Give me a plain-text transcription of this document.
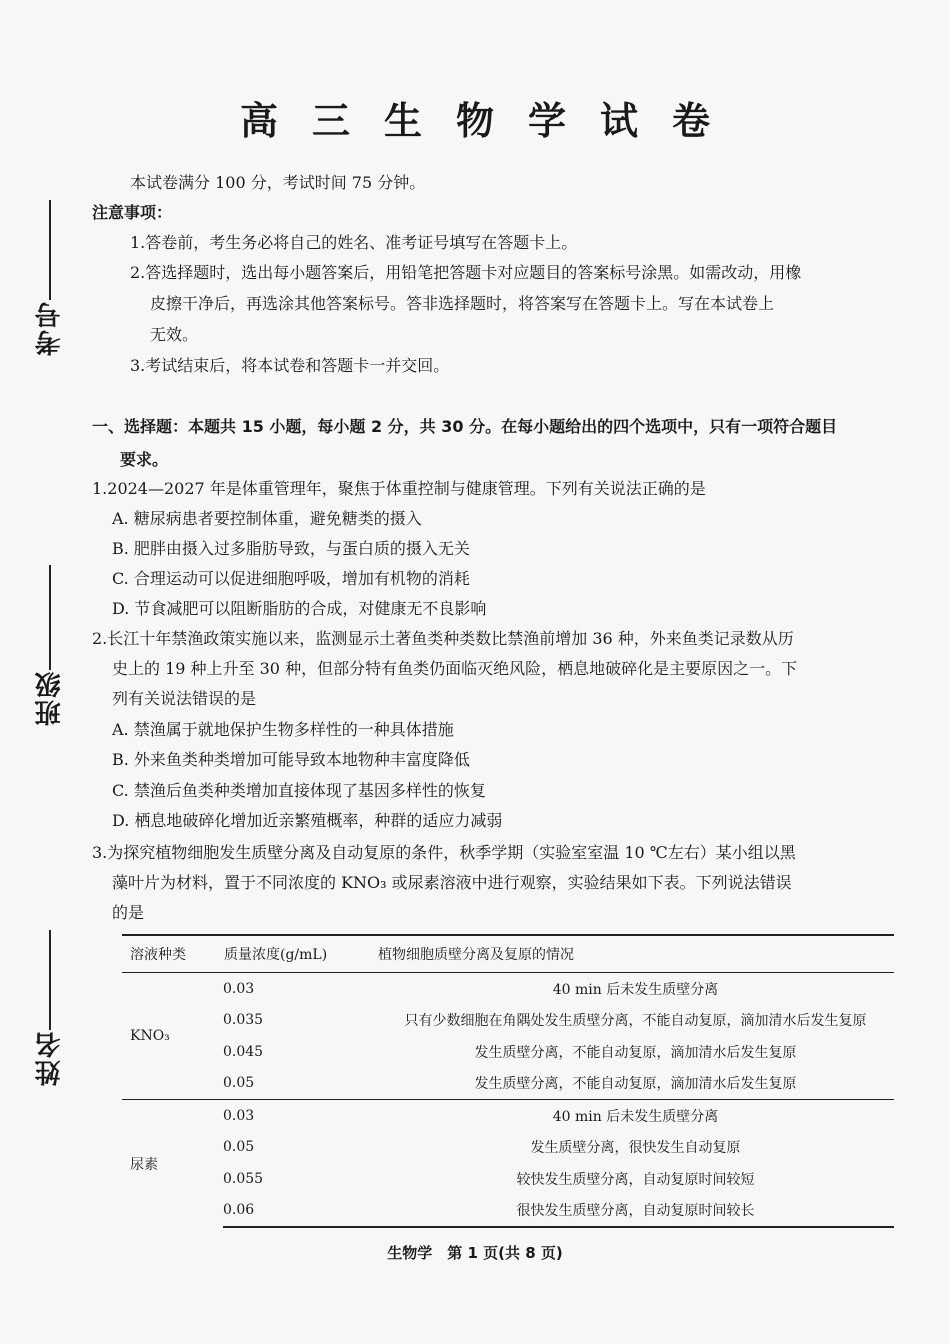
考号
班级
姓名
高三生物学试卷
本试卷满分 100 分，考试时间 75 分钟。
注意事项：
1.答卷前，考生务必将自己的姓名、准考证号填写在答题卡上。
2.答选择题时，选出每小题答案后，用铅笔把答题卡对应题目的答案标号涂黑。如需改动，用橡
皮擦干净后，再选涂其他答案标号。答非选择题时，将答案写在答题卡上。写在本试卷上
无效。
3.考试结束后，将本试卷和答题卡一并交回。
一、选择题：本题共 15 小题，每小题 2 分，共 30 分。在每小题给出的四个选项中，只有一项符合题目
要求。
1.2024—2027 年是体重管理年，聚焦于体重控制与健康管理。下列有关说法正确的是
A. 糖尿病患者要控制体重，避免糖类的摄入
B. 肥胖由摄入过多脂肪导致，与蛋白质的摄入无关
C. 合理运动可以促进细胞呼吸，增加有机物的消耗
D. 节食减肥可以阻断脂肪的合成，对健康无不良影响
2.长江十年禁渔政策实施以来，监测显示土著鱼类种类数比禁渔前增加 36 种，外来鱼类记录数从历
史上的 19 种上升至 30 种，但部分特有鱼类仍面临灭绝风险，栖息地破碎化是主要原因之一。下
列有关说法错误的是
A. 禁渔属于就地保护生物多样性的一种具体措施
B. 外来鱼类种类增加可能导致本地物种丰富度降低
C. 禁渔后鱼类种类增加直接体现了基因多样性的恢复
D. 栖息地破碎化增加近亲繁殖概率，种群的适应力减弱
3.为探究植物细胞发生质壁分离及自动复原的条件，秋季学期（实验室室温 10 ℃左右）某小组以黑
藻叶片为材料，置于不同浓度的 KNO₃ 或尿素溶液中进行观察，实验结果如下表。下列说法错误
的是
溶液种类	质量浓度(g/mL)	植物细胞质壁分离及复原的情况
KNO₃	0.03	40 min 后未发生质壁分离
	0.035	只有少数细胞在角隅处发生质壁分离，不能自动复原，滴加清水后发生复原
	0.045	发生质壁分离，不能自动复原，滴加清水后发生复原
	0.05	发生质壁分离，不能自动复原，滴加清水后发生复原
尿素	0.03	40 min 后未发生质壁分离
	0.05	发生质壁分离，很快发生自动复原
	0.055	较快发生质壁分离，自动复原时间较短
	0.06	很快发生质壁分离，自动复原时间较长
生物学　第 1 页(共 8 页)
